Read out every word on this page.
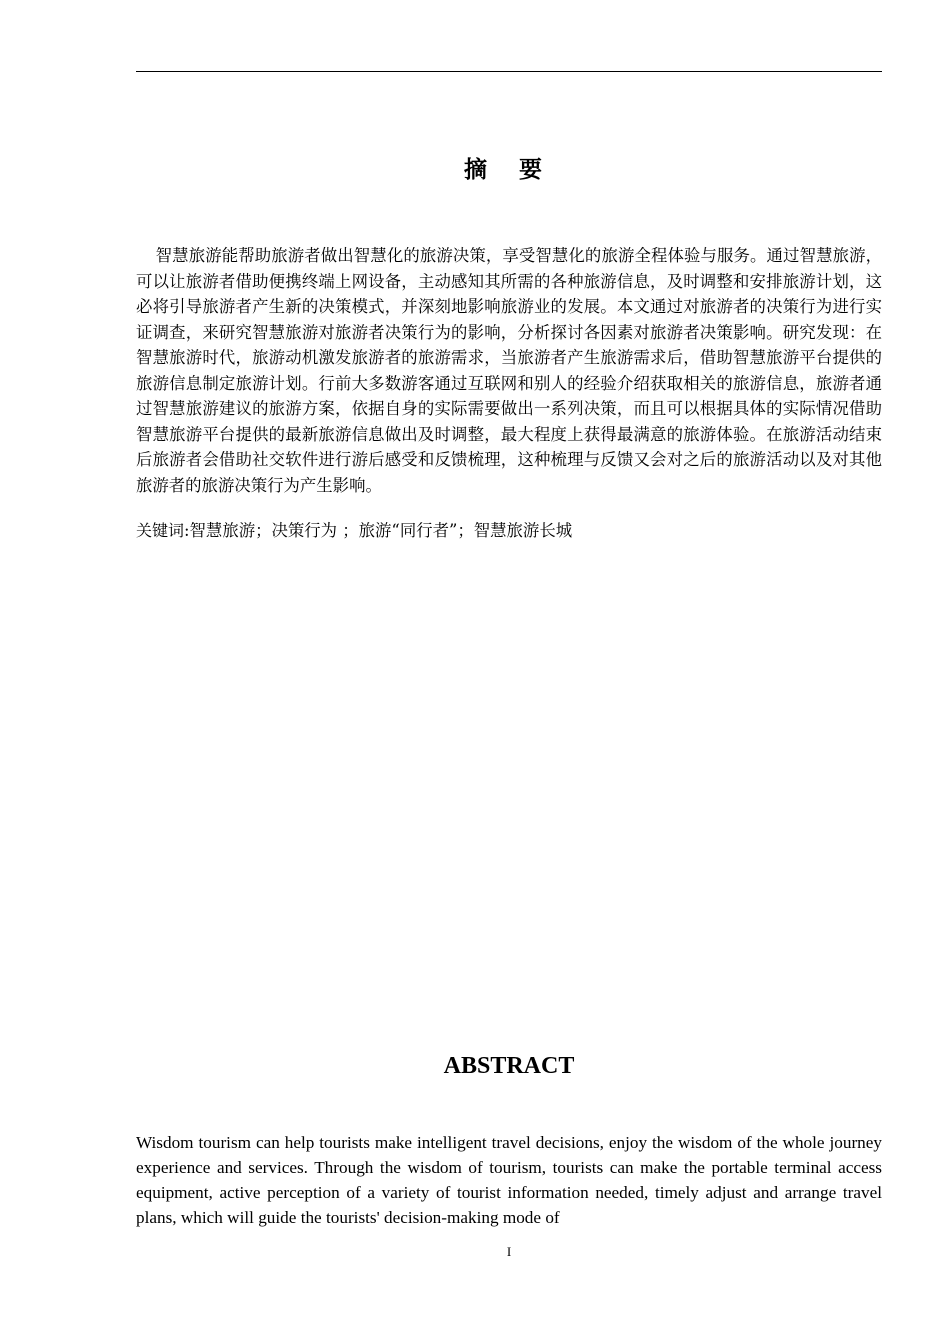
摘 要

智慧旅游能帮助旅游者做出智慧化的旅游决策，享受智慧化的旅游全程体验与服务。通过智慧旅游，可以让旅游者借助便携终端上网设备，主动感知其所需的各种旅游信息，及时调整和安排旅游计划，这必将引导旅游者产生新的决策模式，并深刻地影响旅游业的发展。本文通过对旅游者的决策行为进行实证调查，来研究智慧旅游对旅游者决策行为的影响，分析探讨各因素对旅游者决策影响。研究发现：在智慧旅游时代，旅游动机激发旅游者的旅游需求，当旅游者产生旅游需求后，借助智慧旅游平台提供的旅游信息制定旅游计划。行前大多数游客通过互联网和别人的经验介绍获取相关的旅游信息，旅游者通过智慧旅游建议的旅游方案，依据自身的实际需要做出一系列决策，而且可以根据具体的实际情况借助智慧旅游平台提供的最新旅游信息做出及时调整，最大程度上获得最满意的旅游体验。在旅游活动结束后旅游者会借助社交软件进行游后感受和反馈梳理，这种梳理与反馈又会对之后的旅游活动以及对其他旅游者的旅游决策行为产生影响。

关键词:智慧旅游；决策行为 ；旅游“同行者”；智慧旅游长城

ABSTRACT

Wisdom tourism can help tourists make intelligent travel decisions, enjoy the wisdom of the whole journey experience and services. Through the wisdom of tourism, tourists can make the portable terminal access equipment, active perception of a variety of tourist information needed, timely adjust and arrange travel plans, which will guide the tourists' decision-making mode of

I
